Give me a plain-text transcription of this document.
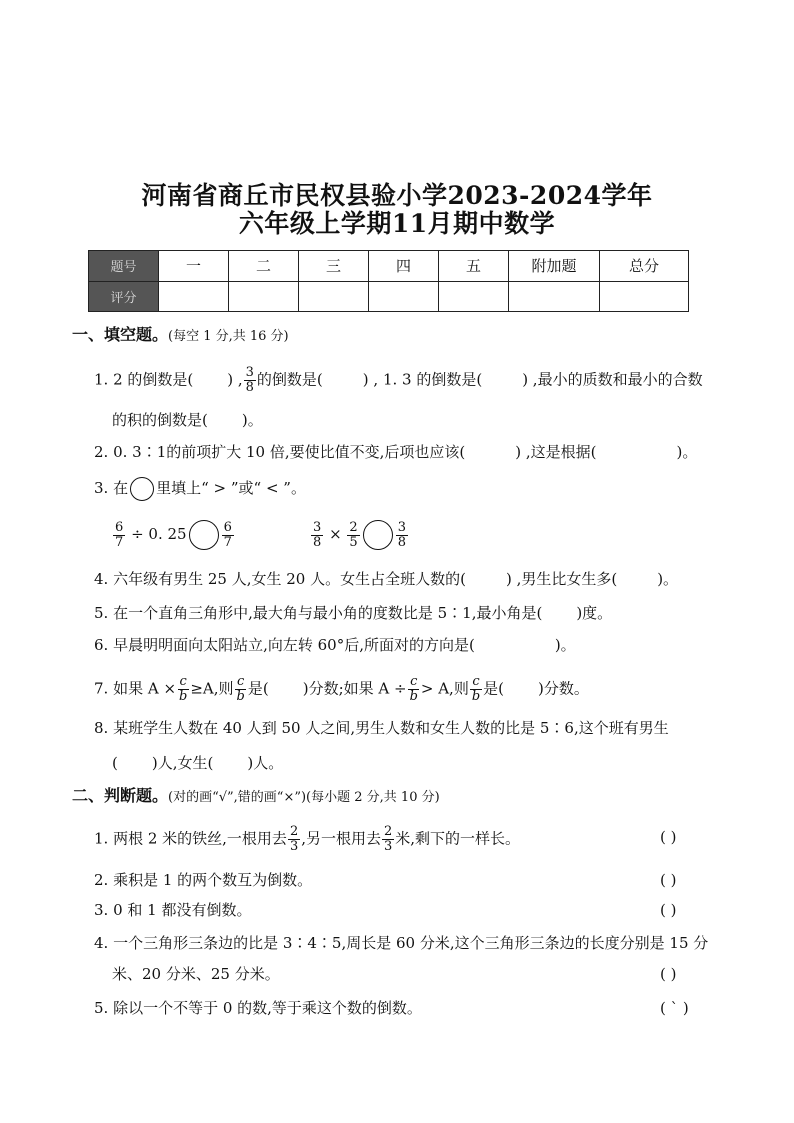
河南省商丘市民权县验小学2023-2024学年
六年级上学期11月期中数学
题号	一	二	三	四	五	附加题	总分
评分							
一、填空题。(每空 1 分,共 16 分)
1. 2 的倒数是( ) , $\frac{3}{8}$ 的倒数是(	) , 1. 3 的倒数是(	) ,最小的质数和最小的合数
的积的倒数是( )。
2. 0. 3∶1的前项扩大 10 倍,要使比值不变,后项也应该(	) ,这是根据(	)。
3. 在 里填上“ > ”或“ < ”。
$\frac{6}{7} \div 0$. 25	$\frac{6}{7}$	$\frac{3}{8} \times \frac{2}{5}$	$\frac{3}{8}$
4. 六年级有男生 25 人,女生 20 人。女生占全班人数的(	) ,男生比女生多(	)。
5. 在一个直角三角形中,最大角与最小角的度数比是 5∶1,最小角是( )度。
6. 早晨明明面向太阳站立,向左转 60°后,所面对的方向是(	)。
7. 如果 $A \times \frac{c}{b} \ge A$,则 $\frac{c}{b}$ 是( )分数;如果 $A \div \frac{c}{b} > A$,则 $\frac{c}{b}$ 是( )分数。
8. 某班学生人数在 40 人到 50 人之间,男生人数和女生人数的比是 5∶6,这个班有男生
( )人,女生( )人。
二、判断题。(对的画“√”,错的画“×”)(每小题 2 分,共 10 分)
1. 两根 2 米的铁丝,一根用去 $\frac{2}{3}$ ,另一根用去 $\frac{2}{3}$ 米,剩下的一样长。	( )
2. 乘积是 1 的两个数互为倒数。	( )
3. 0 和 1 都没有倒数。	( )
4. 一个三角形三条边的比是 3∶4∶5,周长是 60 分米,这个三角形三条边的长度分别是 15 分
米、20 分米、25 分米。	( )
5. 除以一个不等于 0 的数,等于乘这个数的倒数。	( ˋ )
